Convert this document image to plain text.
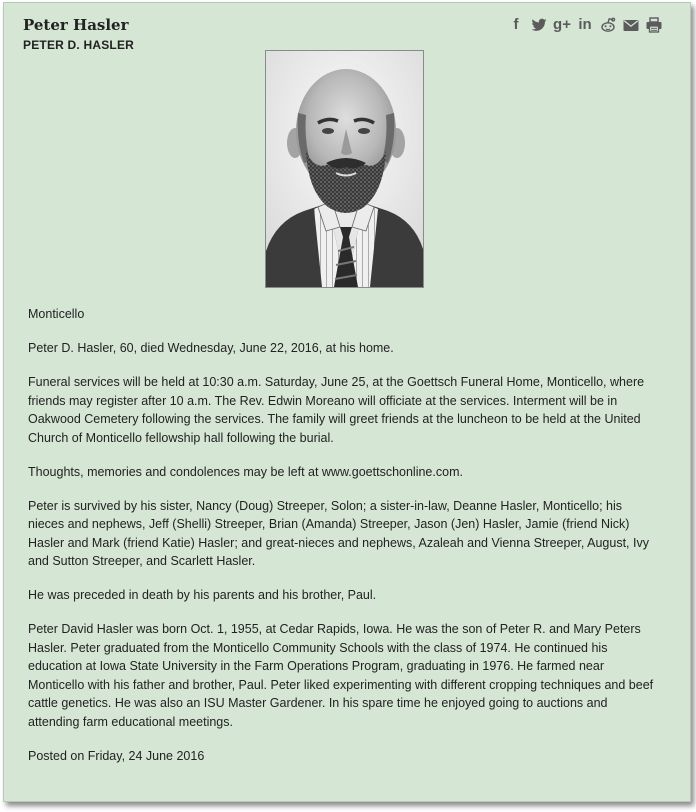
Peter Hasler
PETER D. HASLER
f	g+ in

Monticello

Peter D. Hasler, 60, died Wednesday, June 22, 2016, at his home.

Funeral services will be held at 10:30 a.m. Saturday, June 25, at the Goettsch Funeral Home, Monticello, where friends may register after 10 a.m. The Rev. Edwin Moreano will officiate at the services. Interment will be in Oakwood Cemetery following the services. The family will greet friends at the luncheon to be held at the United Church of Monticello fellowship hall following the burial.

Thoughts, memories and condolences may be left at www.goettschonline.com.

Peter is survived by his sister, Nancy (Doug) Streeper, Solon; a sister-in-law, Deanne Hasler, Monticello; his nieces and nephews, Jeff (Shelli) Streeper, Brian (Amanda) Streeper, Jason (Jen) Hasler, Jamie (friend Nick) Hasler and Mark (friend Katie) Hasler; and great-nieces and nephews, Azaleah and Vienna Streeper, August, Ivy and Sutton Streeper, and Scarlett Hasler.

He was preceded in death by his parents and his brother, Paul.

Peter David Hasler was born Oct. 1, 1955, at Cedar Rapids, Iowa. He was the son of Peter R. and Mary Peters Hasler. Peter graduated from the Monticello Community Schools with the class of 1974. He continued his education at Iowa State University in the Farm Operations Program, graduating in 1976. He farmed near Monticello with his father and brother, Paul. Peter liked experimenting with different cropping techniques and beef cattle genetics. He was also an ISU Master Gardener. In his spare time he enjoyed going to auctions and attending farm educational meetings.

Posted on Friday, 24 June 2016
